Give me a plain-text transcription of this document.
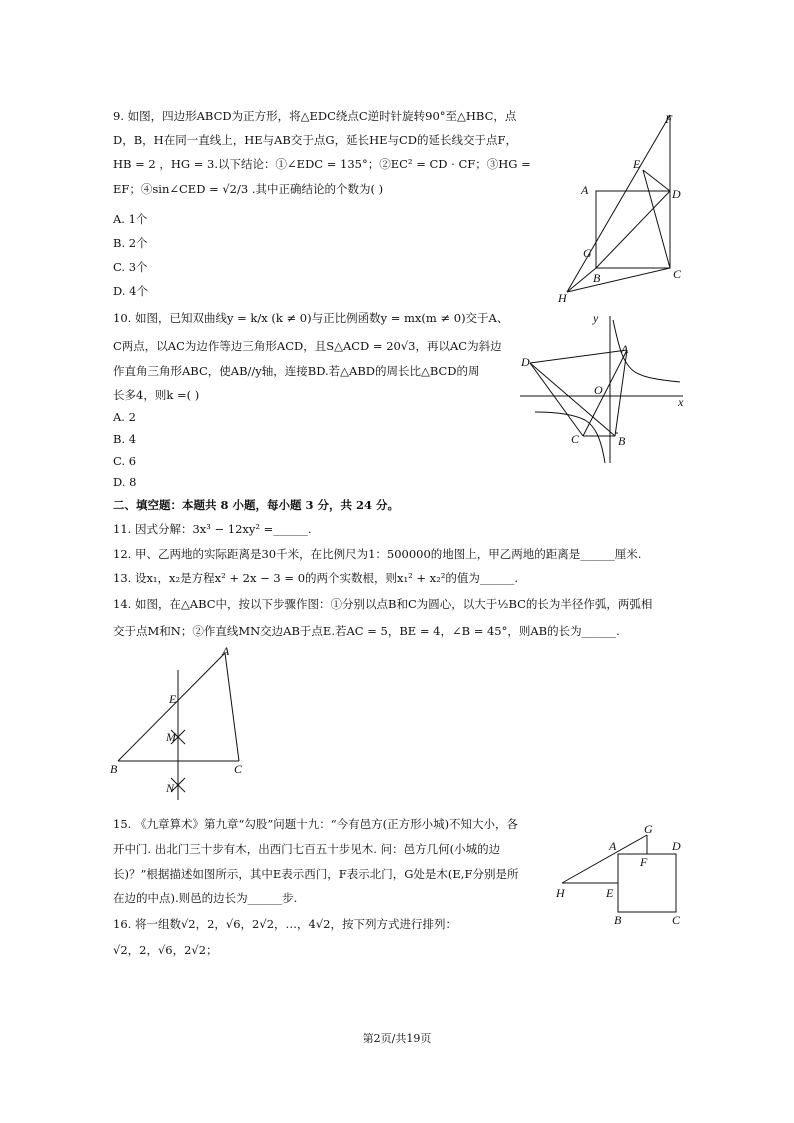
9. 如图，四边形ABCD为正方形，将△EDC绕点C逆时针旋转90°至△HBC，点
D，B，H在同一直线上，HE与AB交于点G，延长HE与CD的延长线交于点F，
HB = 2 ，HG = 3.以下结论：①∠EDC = 135°；②EC² = CD · CF；③HG =
EF；④sin∠CED = √2/3 .其中正确结论的个数为( )
A. 1个
B. 2个
C. 3个
D. 4个
F
E
A	D
G
B	C
H
10. 如图，已知双曲线y = k/x (k ≠ 0)与正比例函数y = mx(m ≠ 0)交于A、
C两点，以AC为边作等边三角形ACD，且S△ACD = 20√3，再以AC为斜边
作直角三角形ABC，使AB//y轴，连接BD.若△ABD的周长比△BCD的周
长多4，则k =( )
A. 2
B. 4
C. 6
D. 8
y
D
A
O
x
C	B
二、填空题：本题共 8 小题，每小题 3 分，共 24 分。
11. 因式分解：3x³ − 12xy² =______.
12. 甲、乙两地的实际距离是30千米，在比例尺为1：500000的地图上，甲乙两地的距离是______厘米.
13. 设x₁，x₂是方程x² + 2x − 3 = 0的两个实数根，则x₁² + x₂²的值为______.
14. 如图，在△ABC中，按以下步骤作图：①分别以点B和C为圆心，以大于½BC的长为半径作弧，两弧相
交于点M和N；②作直线MN交边AB于点E.若AC = 5，BE = 4，∠B = 45°，则AB的长为______.
A
E
M
B	C
N
15. 《九章算术》第九章“勾股”问题十九：“今有邑方(正方形小城)不知大小，各
开中门. 出北门三十步有木，出西门七百五十步见木. 问：邑方几何(小城的边
长)？”根据描述如图所示，其中E表示西门，F表示北门，G处是木(E,F分别是所
在边的中点).则邑的边长为______步.
G
A	D
F
H	E
B	C
16. 将一组数√2，2，√6，2√2，…，4√2，按下列方式进行排列：
√2，2，√6，2√2；
第2页/共19页
